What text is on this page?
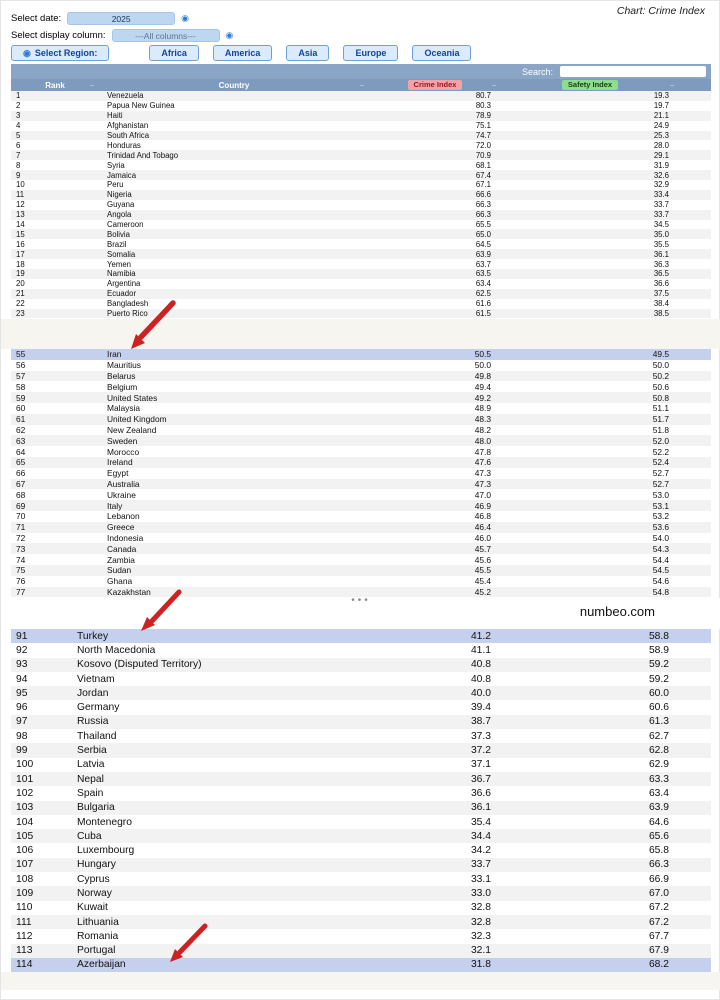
Chart: Crime Index
Select date:	2025	◉
Select display column:	---All columns---	◉
◉ Select Region:	Africa	America	Asia	Europe	Oceania
Search:
Rank	–	Country	–	Crime Index	–	Safety Index	–
1	Venezuela	80.7	19.3
2	Papua New Guinea	80.3	19.7
3	Haiti	78.9	21.1
4	Afghanistan	75.1	24.9
5	South Africa	74.7	25.3
6	Honduras	72.0	28.0
7	Trinidad And Tobago	70.9	29.1
8	Syria	68.1	31.9
9	Jamaica	67.4	32.6
10	Peru	67.1	32.9
11	Nigeria	66.6	33.4
12	Guyana	66.3	33.7
13	Angola	66.3	33.7
14	Cameroon	65.5	34.5
15	Bolivia	65.0	35.0
16	Brazil	64.5	35.5
17	Somalia	63.9	36.1
18	Yemen	63.7	36.3
19	Namibia	63.5	36.5
20	Argentina	63.4	36.6
21	Ecuador	62.5	37.5
22	Bangladesh	61.6	38.4
23	Puerto Rico	61.5	38.5
55	Iran	50.5	49.5
56	Mauritius	50.0	50.0
57	Belarus	49.8	50.2
58	Belgium	49.4	50.6
59	United States	49.2	50.8
60	Malaysia	48.9	51.1
61	United Kingdom	48.3	51.7
62	New Zealand	48.2	51.8
63	Sweden	48.0	52.0
64	Morocco	47.8	52.2
65	Ireland	47.6	52.4
66	Egypt	47.3	52.7
67	Australia	47.3	52.7
68	Ukraine	47.0	53.0
69	Italy	46.9	53.1
70	Lebanon	46.8	53.2
71	Greece	46.4	53.6
72	Indonesia	46.0	54.0
73	Canada	45.7	54.3
74	Zambia	45.6	54.4
75	Sudan	45.5	54.5
76	Ghana	45.4	54.6
77	Kazakhstan	45.2	54.8
91	Turkey	41.2	58.8
92	North Macedonia	41.1	58.9
93	Kosovo (Disputed Territory)	40.8	59.2
94	Vietnam	40.8	59.2
95	Jordan	40.0	60.0
96	Germany	39.4	60.6
97	Russia	38.7	61.3
98	Thailand	37.3	62.7
99	Serbia	37.2	62.8
100	Latvia	37.1	62.9
101	Nepal	36.7	63.3
102	Spain	36.6	63.4
103	Bulgaria	36.1	63.9
104	Montenegro	35.4	64.6
105	Cuba	34.4	65.6
106	Luxembourg	34.2	65.8
107	Hungary	33.7	66.3
108	Cyprus	33.1	66.9
109	Norway	33.0	67.0
110	Kuwait	32.8	67.2
111	Lithuania	32.8	67.2
112	Romania	32.3	67.7
113	Portugal	32.1	67.9
114	Azerbaijan	31.8	68.2
•••
numbeo.com
